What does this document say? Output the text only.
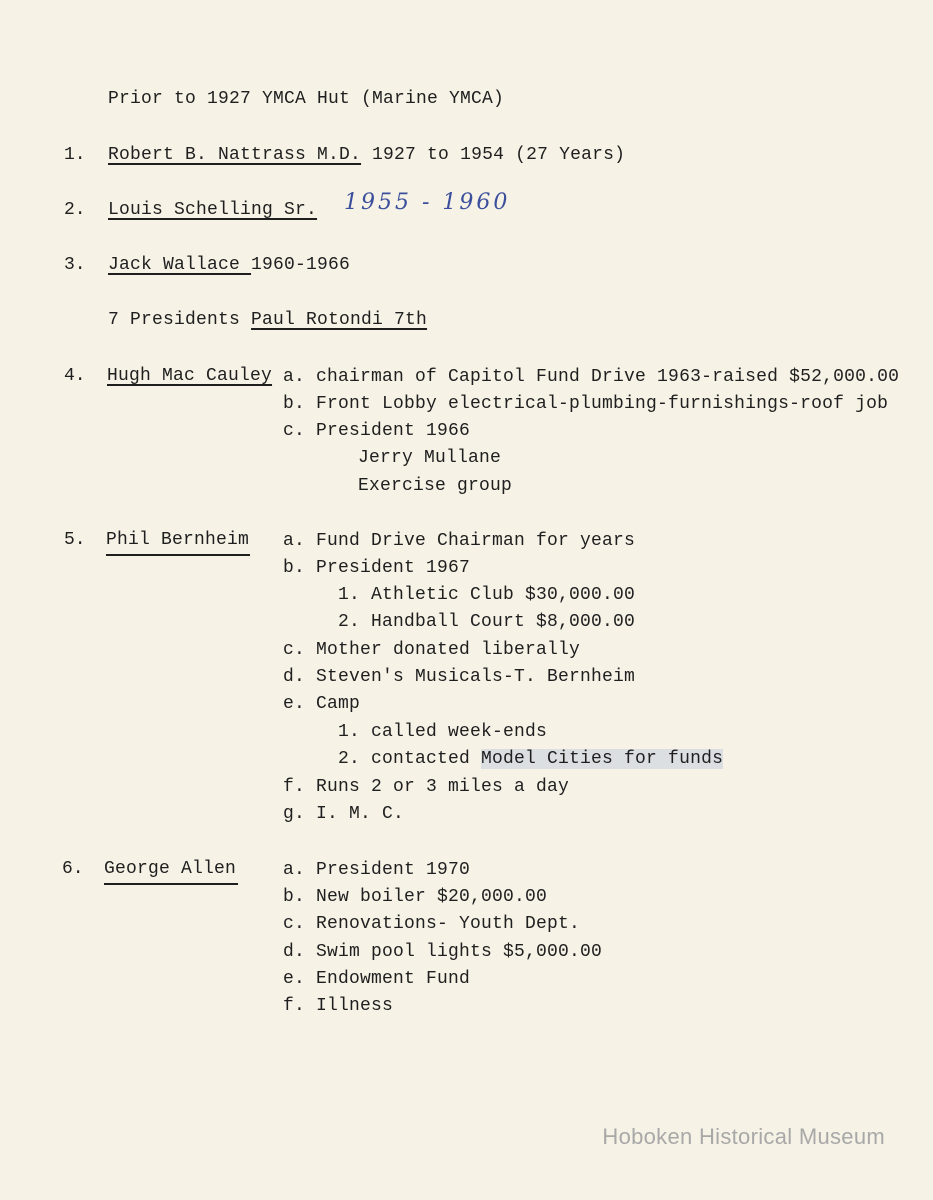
Prior to 1927 YMCA Hut (Marine YMCA)
1. Robert B. Nattrass M.D. 1927 to 1954 (27 Years)
2. Louis Schelling Sr. 1955 - 1960
3. Jack Wallace 1960-1966
7 Presidents Paul Rotondi 7th
4. Hugh Mac Cauley a. chairman of Capitol Fund Drive 1963-raised $52,000.00
b. Front Lobby electrical-plumbing-furnishings-roof job
c. President 1966
Jerry Mullane
Exercise group
5. Phil Bernheim a. Fund Drive Chairman for years
b. President 1967
1. Athletic Club $30,000.00
2. Handball Court $8,000.00
c. Mother donated liberally
d. Steven's Musicals-T. Bernheim
e. Camp
1. called week-ends
2. contacted Model Cities for funds
f. Runs 2 or 3 miles a day
g. I. M. C.
6. George Allen	a. President 1970
b. New boiler $20,000.00
c. Renovations- Youth Dept.
d. Swim pool lights $5,000.00
e. Endowment Fund
f. Illness
Hoboken Historical Museum
